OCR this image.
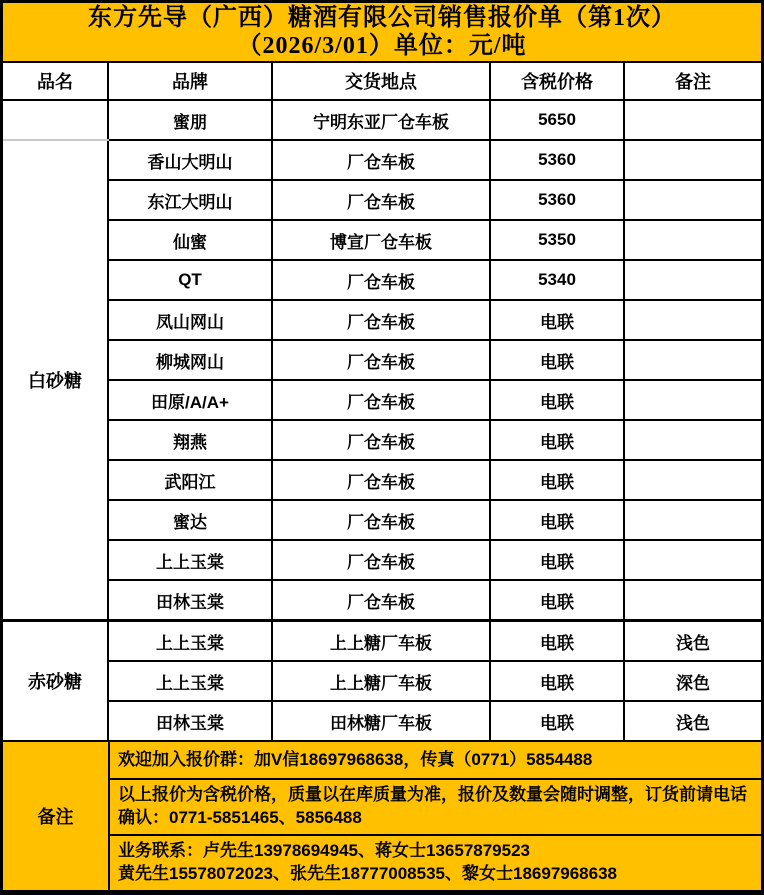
东方先导（广西）糖酒有限公司销售报价单（第1次）
（2026/3/01）单位：元/吨
品名	品牌	交货地点	含税价格	备注
	蜜朋	宁明东亚厂仓车板	5650	
白砂糖	香山大明山	厂仓车板	5360	
	东江大明山	厂仓车板	5360	
	仙蜜	博宣厂仓车板	5350	
	QT	厂仓车板	5340	
	凤山网山	厂仓车板	电联	
	柳城网山	厂仓车板	电联	
	田原/A/A+	厂仓车板	电联	
	翔燕	厂仓车板	电联	
	武阳江	厂仓车板	电联	
	蜜达	厂仓车板	电联	
	上上玉棠	厂仓车板	电联	
	田林玉棠	厂仓车板	电联	
赤砂糖	上上玉棠	上上糖厂车板	电联	浅色
	上上玉棠	上上糖厂车板	电联	深色
	田林玉棠	田林糖厂车板	电联	浅色
备注
欢迎加入报价群：加V信18697968638，传真（0771）5854488
以上报价为含税价格，质量以在库质量为准，报价及数量会随时调整，订货前请电话确认：0771-5851465、5856488
业务联系：卢先生13978694945、蒋女士13657879523
黄先生15578072023、张先生18777008535、黎女士18697968638
